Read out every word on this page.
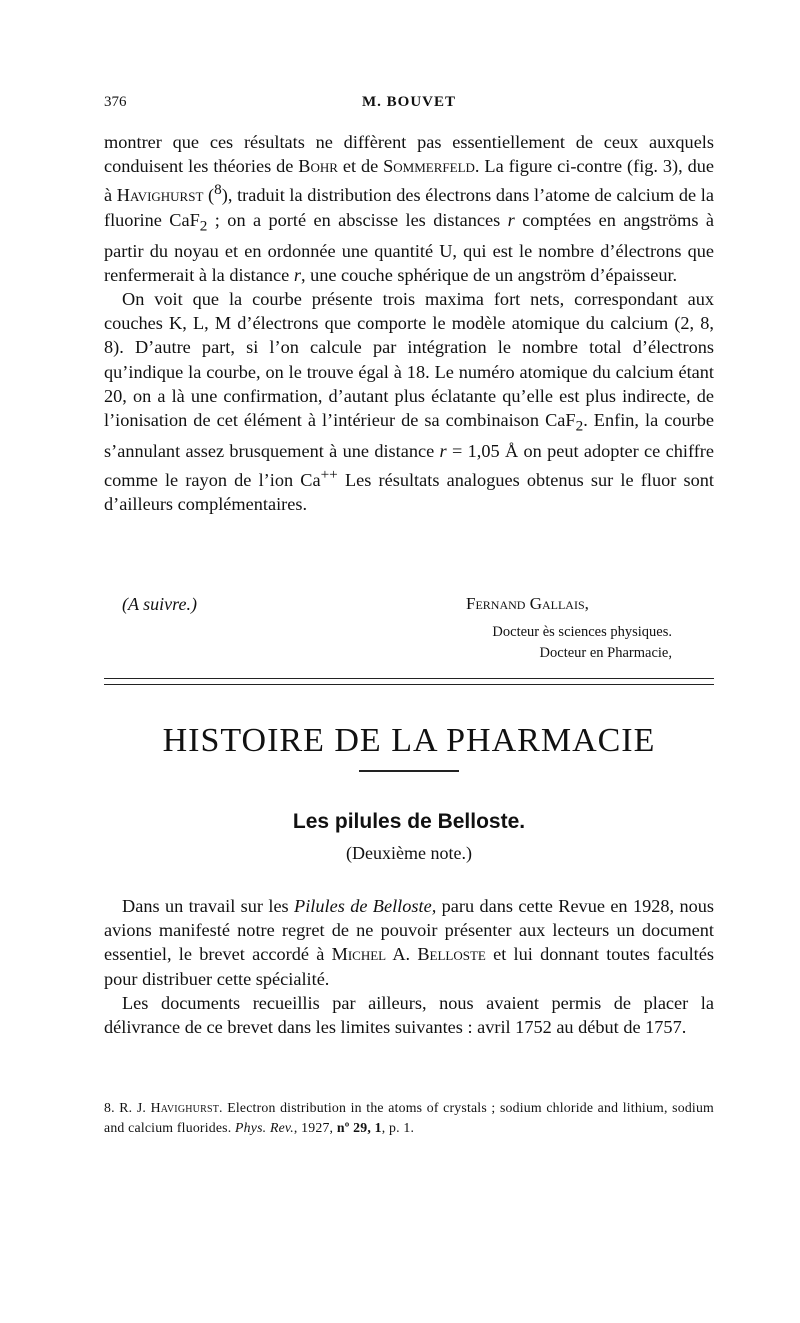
376	M. BOUVET

montrer que ces résultats ne diffèrent pas essentiellement de ceux auxquels conduisent les théories de Bohr et de Sommerfeld. La figure ci-contre (fig. 3), due à Havighurst ($^8$), traduit la distribution des électrons dans l’atome de calcium de la fluorine CaF$_2$ ; on a porté en abscisse les distances r comptées en angströms à partir du noyau et en ordonnée une quantité U, qui est le nombre d’électrons que renfermerait à la distance r, une couche sphérique de un angström d’épaisseur.

On voit que la courbe présente trois maxima fort nets, correspondant aux couches K, L, M d’électrons que comporte le modèle atomique du calcium (2, 8, 8). D’autre part, si l’on calcule par intégration le nombre total d’électrons qu’indique la courbe, on le trouve égal à 18. Le numéro atomique du calcium étant 20, on a là une confirmation, d’autant plus éclatante qu’elle est plus indirecte, de l’ionisation de cet élément à l’intérieur de sa combinaison CaF$_2$. Enfin, la courbe s’annulant assez brusquement à une distance r = 1,05 Å on peut adopter ce chiffre comme le rayon de l’ion Ca++ Les résultats analogues obtenus sur le fluor sont d’ailleurs complémentaires.

(A suivre.)	Fernand Gallais,
Docteur ès sciences physiques.
Docteur en Pharmacie,
HISTOIRE DE LA PHARMACIE
Les pilules de Belloste.
(Deuxième note.)

Dans un travail sur les Pilules de Belloste, paru dans cette Revue en 1928, nous avions manifesté notre regret de ne pouvoir présenter aux lecteurs un document essentiel, le brevet accordé à Michel A. Belloste et lui donnant toutes facultés pour distribuer cette spécialité.

Les documents recueillis par ailleurs, nous avaient permis de placer la délivrance de ce brevet dans les limites suivantes : avril 1752 au début de 1757.

8. R. J. Havighurst. Electron distribution in the atoms of crystals ; sodium chloride and lithium, sodium and calcium fluorides. Phys. Rev., 1927, nº 29, 1, p. 1.
